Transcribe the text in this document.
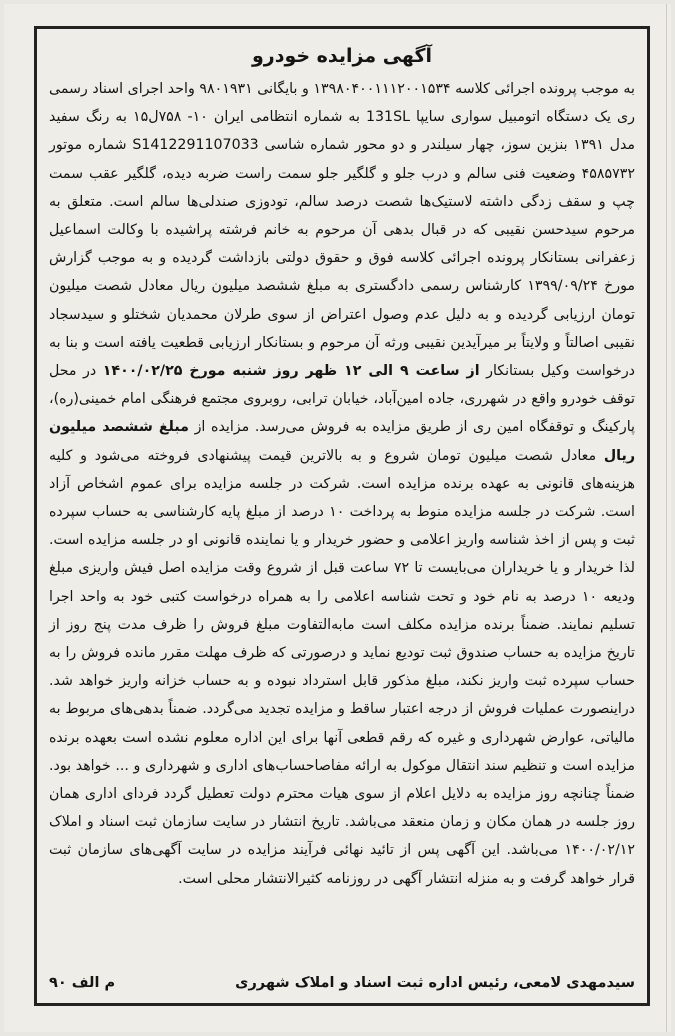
آگهی مزایده خودرو

به موجب پرونده اجرائی کلاسه ۱۳۹۸۰۴۰۰۱۱۱۲۰۰۱۵۳۴ و بایگانی ۹۸۰۱۹۳۱ واحد اجرای اسناد رسمی ری یک دستگاه اتومبیل سواری سایپا 131SL به شماره انتظامی ایران ۱۰- ۷۵۸ل۱۵ به رنگ سفید مدل ۱۳۹۱ بنزین سوز، چهار سیلندر و دو محور شماره شاسی S1412291107033 شماره موتور ۴۵۸۵۷۳۲ وضعیت فنی سالم و درب جلو و گلگیر جلو سمت راست ضربه دیده، گلگیر عقب سمت چپ و سقف زدگی داشته لاستیک‌ها شصت درصد سالم، تودوزی صندلی‌ها سالم است. متعلق به مرحوم سیدحسن نقیبی که در قبال بدهی آن مرحوم به خانم فرشته پراشیده با وکالت اسماعیل زعفرانی بستانکار پرونده اجرائی کلاسه فوق و حقوق دولتی بازداشت گردیده و به موجب گزارش مورخ ۱۳۹۹/۰۹/۲۴ کارشناس رسمی دادگستری به مبلغ ششصد میلیون ریال معادل شصت میلیون تومان ارزیابی گردیده و به دلیل عدم وصول اعتراض از سوی طرلان محمدیان شختلو و سیدسجاد نقیبی اصالتاً و ولایتاً بر میرآیدین نقیبی ورثه آن مرحوم و بستانکار ارزیابی قطعیت یافته است و بنا به درخواست وکیل بستانکار از ساعت ۹ الی ۱۲ ظهر روز شنبه مورخ ۱۴۰۰/۰۲/۲۵ در محل توقف خودرو واقع در شهرری، جاده امین‌آباد، خیابان ترابی، روبروی مجتمع فرهنگی امام خمینی(ره)، پارکینگ و توقفگاه امین ری از طریق مزایده به فروش می‌رسد. مزایده از مبلغ ششصد میلیون ریال معادل شصت میلیون تومان شروع و به بالاترین قیمت پیشنهادی فروخته می‌شود و کلیه هزینه‌های قانونی به عهده برنده مزایده است. شرکت در جلسه مزایده برای عموم اشخاص آزاد است. شرکت در جلسه مزایده منوط به پرداخت ۱۰ درصد از مبلغ پایه کارشناسی به حساب سپرده ثبت و پس از اخذ شناسه واریز اعلامی و حضور خریدار و یا نماینده قانونی او در جلسه مزایده است. لذا خریدار و یا خریداران می‌بایست تا ۷۲ ساعت قبل از شروع وقت مزایده اصل فیش واریزی مبلغ ودیعه ۱۰ درصد به نام خود و تحت شناسه اعلامی را به همراه درخواست کتبی خود به واحد اجرا تسلیم نمایند. ضمناً برنده مزایده مکلف است مابه‌التفاوت مبلغ فروش را ظرف مدت پنج روز از تاریخ مزایده به حساب صندوق ثبت تودیع نماید و درصورتی که ظرف مهلت مقرر مانده فروش را به حساب سپرده ثبت واریز نکند، مبلغ مذکور قابل استرداد نبوده و به حساب خزانه واریز خواهد شد. دراینصورت عملیات فروش از درجه اعتبار ساقط و مزایده تجدید می‌گردد. ضمناً بدهی‌های مربوط به مالیاتی، عوارض شهرداری و غیره که رقم قطعی آنها برای این اداره معلوم نشده است بعهده برنده مزایده است و تنظیم سند انتقال موکول به ارائه مفاصاحساب‌های اداری و شهرداری و ... خواهد بود. ضمناً چنانچه روز مزایده به دلایل اعلام از سوی هیات محترم دولت تعطیل گردد فردای اداری همان روز جلسه در همان مکان و زمان منعقد می‌باشد. تاریخ انتشار در سایت سازمان ثبت اسناد و املاک ۱۴۰۰/۰۲/۱۲ می‌باشد. این آگهی پس از تائید نهائی فرآیند مزایده در سایت آگهی‌های سازمان ثبت قرار خواهد گرفت و به منزله انتشار آگهی در روزنامه کثیرالانتشار محلی است.

سیدمهدی لامعی، رئیس اداره ثبت اسناد و املاک شهرری
م الف ۹۰
